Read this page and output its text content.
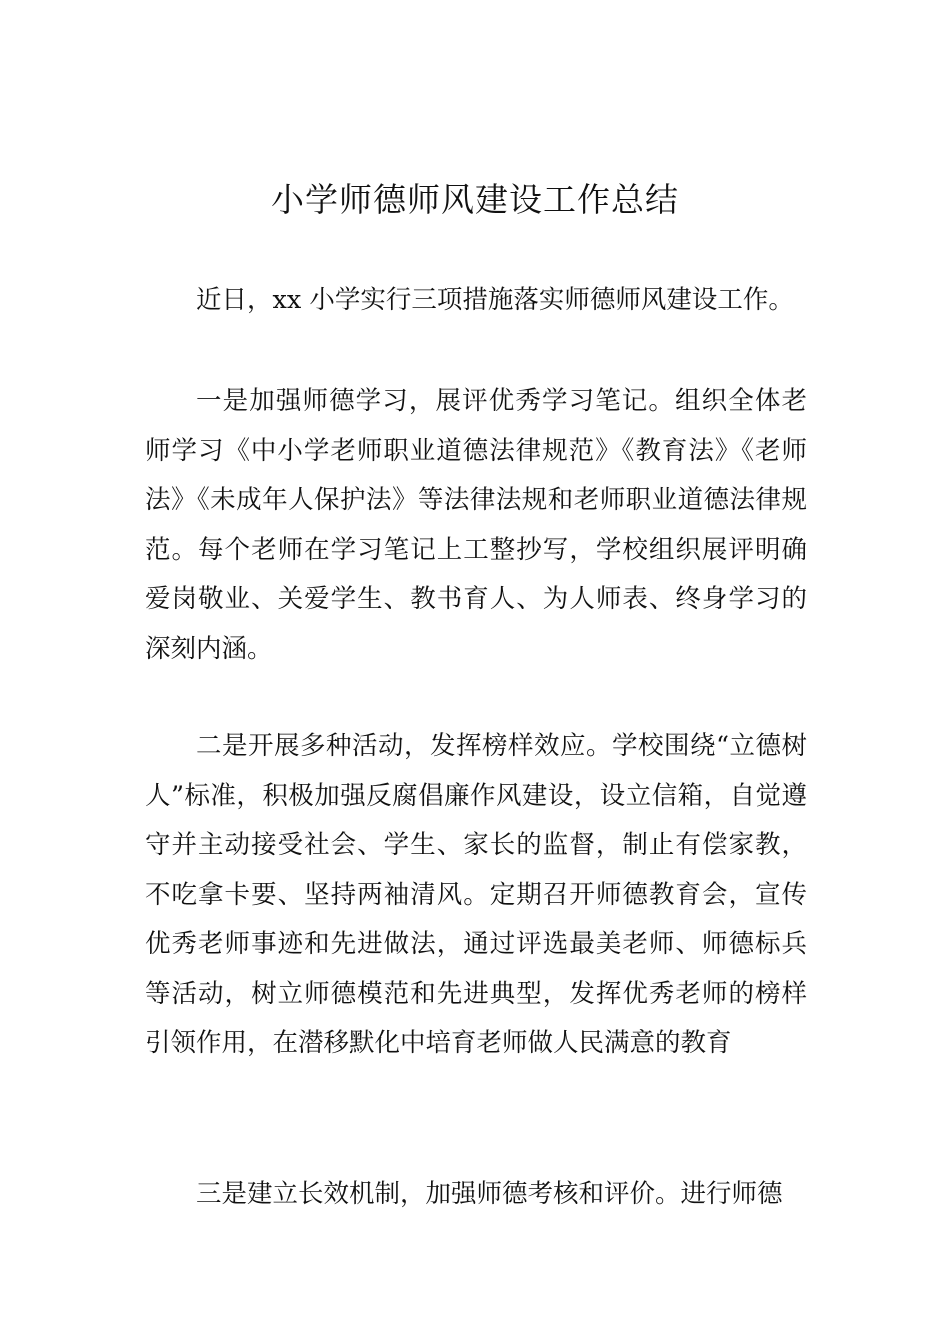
小学师德师风建设工作总结

近日，xx 小学实行三项措施落实师德师风建设工作。

一是加强师德学习，展评优秀学习笔记。组织全体老师学习《中小学老师职业道德法律规范》《教育法》《老师法》《未成年人保护法》等法律法规和老师职业道德法律规范。每个老师在学习笔记上工整抄写，学校组织展评明确爱岗敬业、关爱学生、教书育人、为人师表、终身学习的深刻内涵。

二是开展多种活动，发挥榜样效应。学校围绕“立德树人”标准，积极加强反腐倡廉作风建设，设立信箱，自觉遵守并主动接受社会、学生、家长的监督，制止有偿家教，不吃拿卡要、坚持两袖清风。定期召开师德教育会，宣传优秀老师事迹和先进做法，通过评选最美老师、师德标兵等活动，树立师德模范和先进典型，发挥优秀老师的榜样引领作用，在潜移默化中培育老师做人民满意的教育

三是建立长效机制，加强师德考核和评价。进行师德
